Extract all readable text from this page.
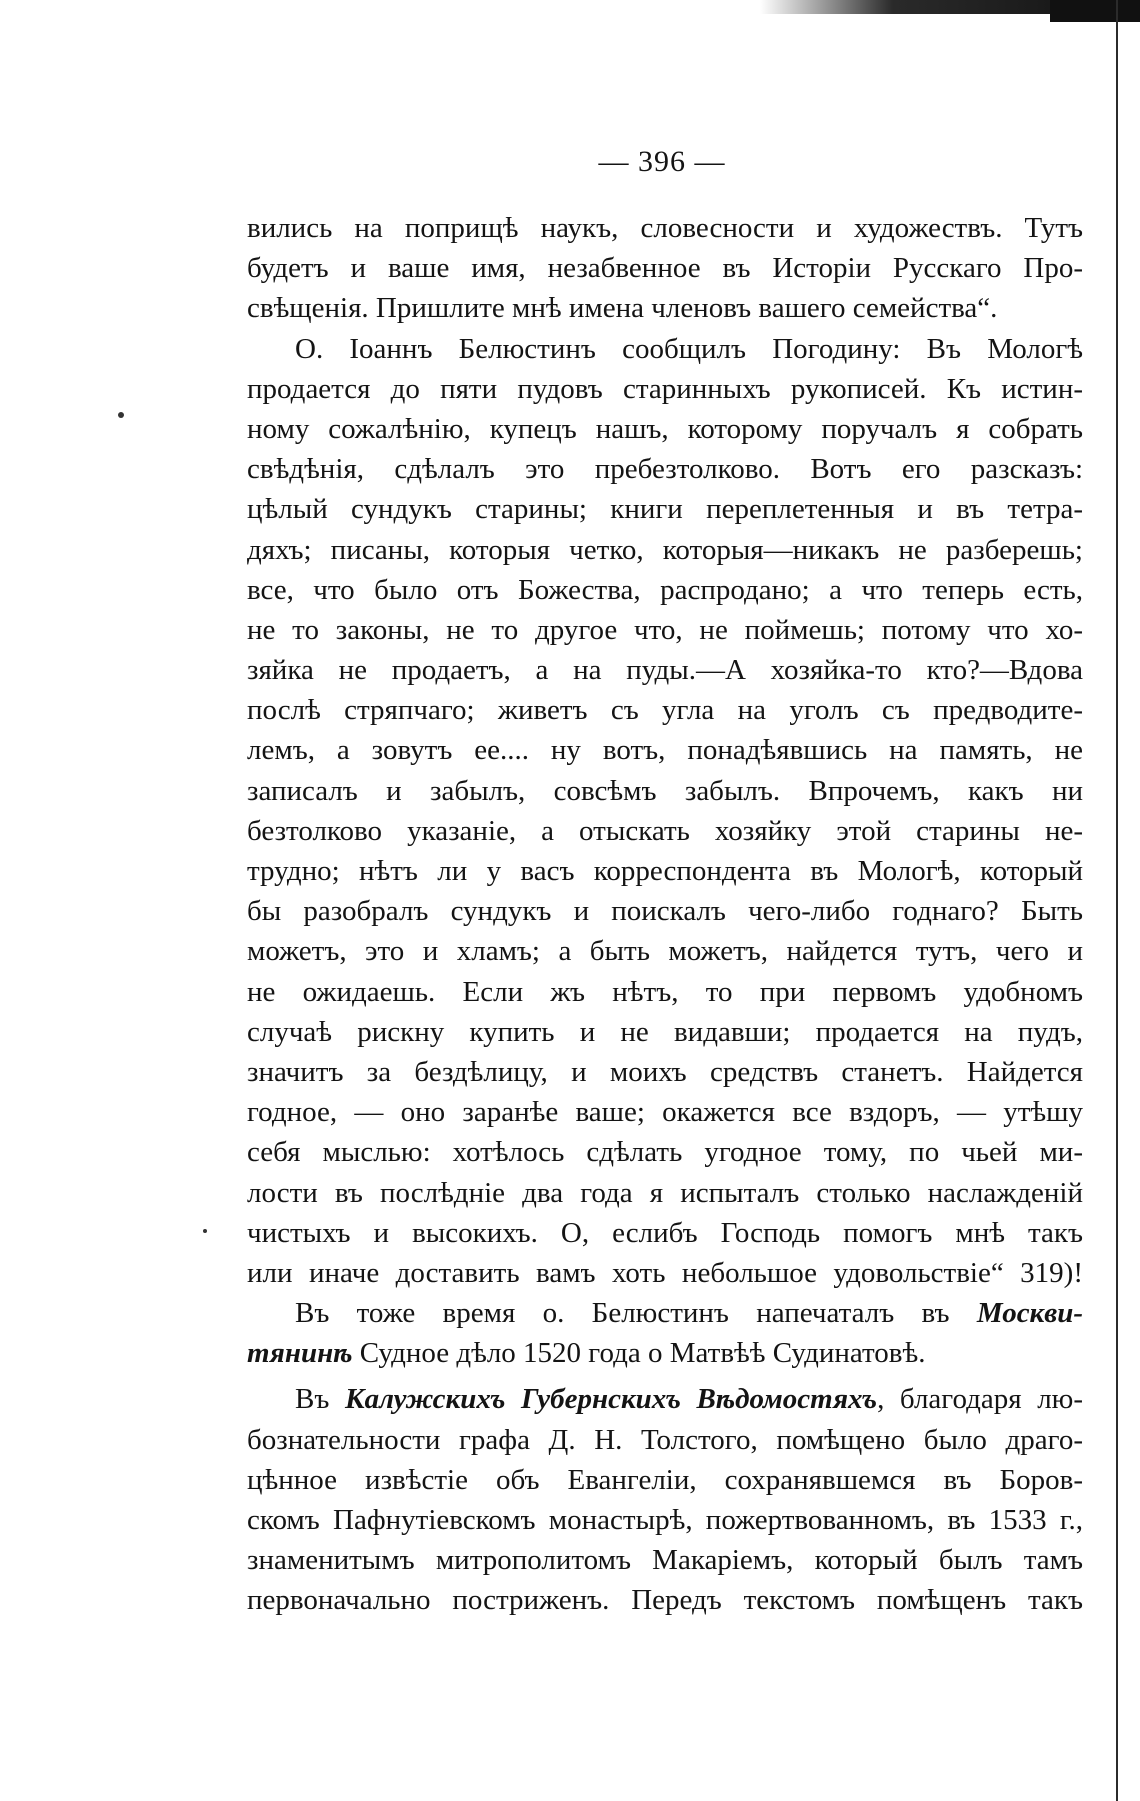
— 396 —
вились на поприщѣ наукъ, словесности и художествъ. Тутъ
будетъ и ваше имя, незабвенное въ Исторіи Русскаго Про-
свѣщенія. Пришлите мнѣ имена членовъ вашего семейства“.
О. Іоаннъ Белюстинъ сообщилъ Погодину: Въ Мологѣ
продается до пяти пудовъ старинныхъ рукописей. Къ истин-
ному сожалѣнію, купецъ нашъ, которому поручалъ я собрать
свѣдѣнія, сдѣлалъ это пребезтолково. Вотъ его разсказъ:
цѣлый сундукъ старины; книги переплетенныя и въ тетра-
дяхъ; писаны, которыя четко, которыя—никакъ не разберешь;
все, что было отъ Божества, распродано; а что теперь есть,
не то законы, не то другое что, не поймешь; потому что хо-
зяйка не продаетъ, а на пуды.—А хозяйка-то кто?—Вдова
послѣ стряпчаго; живетъ съ угла на уголъ съ предводите-
лемъ, а зовутъ ее.... ну вотъ, понадѣявшись на память, не
записалъ и забылъ, совсѣмъ забылъ. Впрочемъ, какъ ни
безтолково указаніе, а отыскать хозяйку этой старины не-
трудно; нѣтъ ли у васъ корреспондента въ Мологѣ, который
бы разобралъ сундукъ и поискалъ чего-либо годнаго? Быть
можетъ, это и хламъ; а быть можетъ, найдется тутъ, чего и
не ожидаешь. Если жъ нѣтъ, то при первомъ удобномъ
случаѣ рискну купить и не видавши; продается на пудъ,
значитъ за бездѣлицу, и моихъ средствъ станетъ. Найдется
годное, — оно заранѣе ваше; окажется все вздоръ, — утѣшу
себя мыслью: хотѣлось сдѣлать угодное тому, по чьей ми-
лости въ послѣдніе два года я испыталъ столько наслажденій
чистыхъ и высокихъ. О, еслибъ Господь помогъ мнѣ такъ
или иначе доставить вамъ хоть небольшое удовольствіе“ 319)!
Въ тоже время о. Белюстинъ напечаталъ въ Москви-
тянинѣ Судное дѣло 1520 года о Матвѣѣ Судинатовѣ.
Въ Калужскихъ Губернскихъ Вѣдомостяхъ, благодаря лю-
бознательности графа Д. Н. Толстого, помѣщено было драго-
цѣнное извѣстіе объ Евангеліи, сохранявшемся въ Боров-
скомъ Пафнутіевскомъ монастырѣ, пожертвованномъ, въ 1533 г.,
знаменитымъ митрополитомъ Макаріемъ, который былъ тамъ
первоначально постриженъ. Передъ текстомъ помѣщенъ такъ
